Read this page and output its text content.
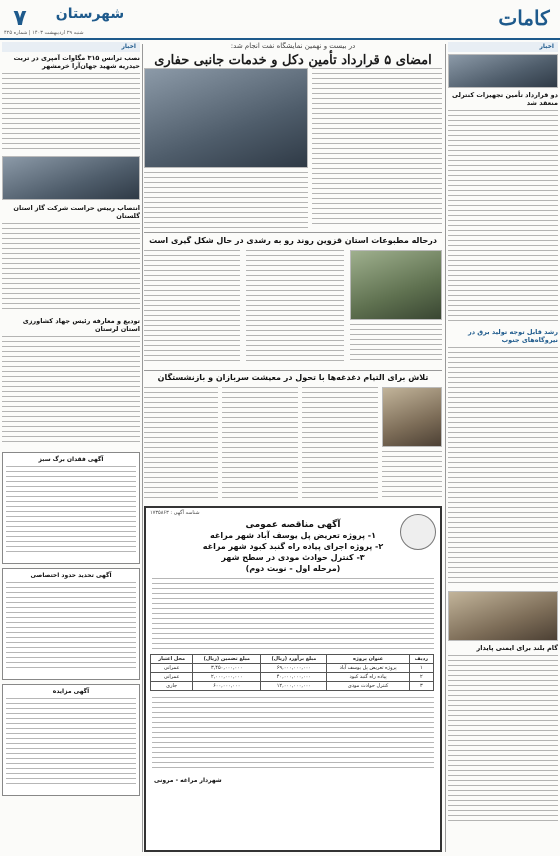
کامات
شهرستان
۷
شنبه ۲۹ اردیبهشت ۱۴۰۳ | شماره ۴۲۵
اخبار
اخبار
دو قرارداد تأمین تجهیزات کنترلی منعقد شد
رشد قابل توجه تولید برق در نیروگاه‌های جنوب
گام بلند برای ایمنی پایدار
در بیست و نهمین نمایشگاه نفت انجام شد:
امضای ۵ قرارداد تأمین دکل و خدمات جانبی حفاری
درحاله مطبوعات استان قزوین روند رو به رشدی در حال شکل گیری است
تلاش برای التیام دغدغه‌ها با تحول در معیشت سربازان و بازنشستگان
شناسه آگهی : ۱۷۳۵۸۶۳
آگهی مناقصه عمومی
۱- پروژه تعریض پل یوسف آباد شهر مراغه
۲- پروژه اجرای پیاده راه گنبد کبود شهر مراغه
۳- کنترل حوادث مودی در سطح شهر
(مرحله اول - نوبت دوم)
ردیف	عنوان پروژه	مبلغ برآورد (ریال)	مبلغ تضمین (ریال)	محل اعتبار
۱	پروژه تعریض پل یوسف آباد	۶۹,۰۰۰,۰۰۰,۰۰۰	۳,۴۵۰,۰۰۰,۰۰۰	عمرانی
۲	پیاده راه گنبد کبود	۴۰,۰۰۰,۰۰۰,۰۰۰	۲,۰۰۰,۰۰۰,۰۰۰	عمرانی
۳	کنترل حوادث مودی	۱۲,۰۰۰,۰۰۰,۰۰۰	۶۰۰,۰۰۰,۰۰۰	جاری
شهردار مراغه - مرونی
نصب ترانس ۳۱۵ مگاوات آمپری در تربت حیدریه شهید جهان‌آرا خرمشهر
انتصاب رییس حراست شرکت گاز استان گلستان
تودیع و معارفه رئیس جهاد کشاورزی استان لرستان
آگهی فقدان برگ سبز
آگهی تحدید حدود اختصاصی
آگهی مزایده
